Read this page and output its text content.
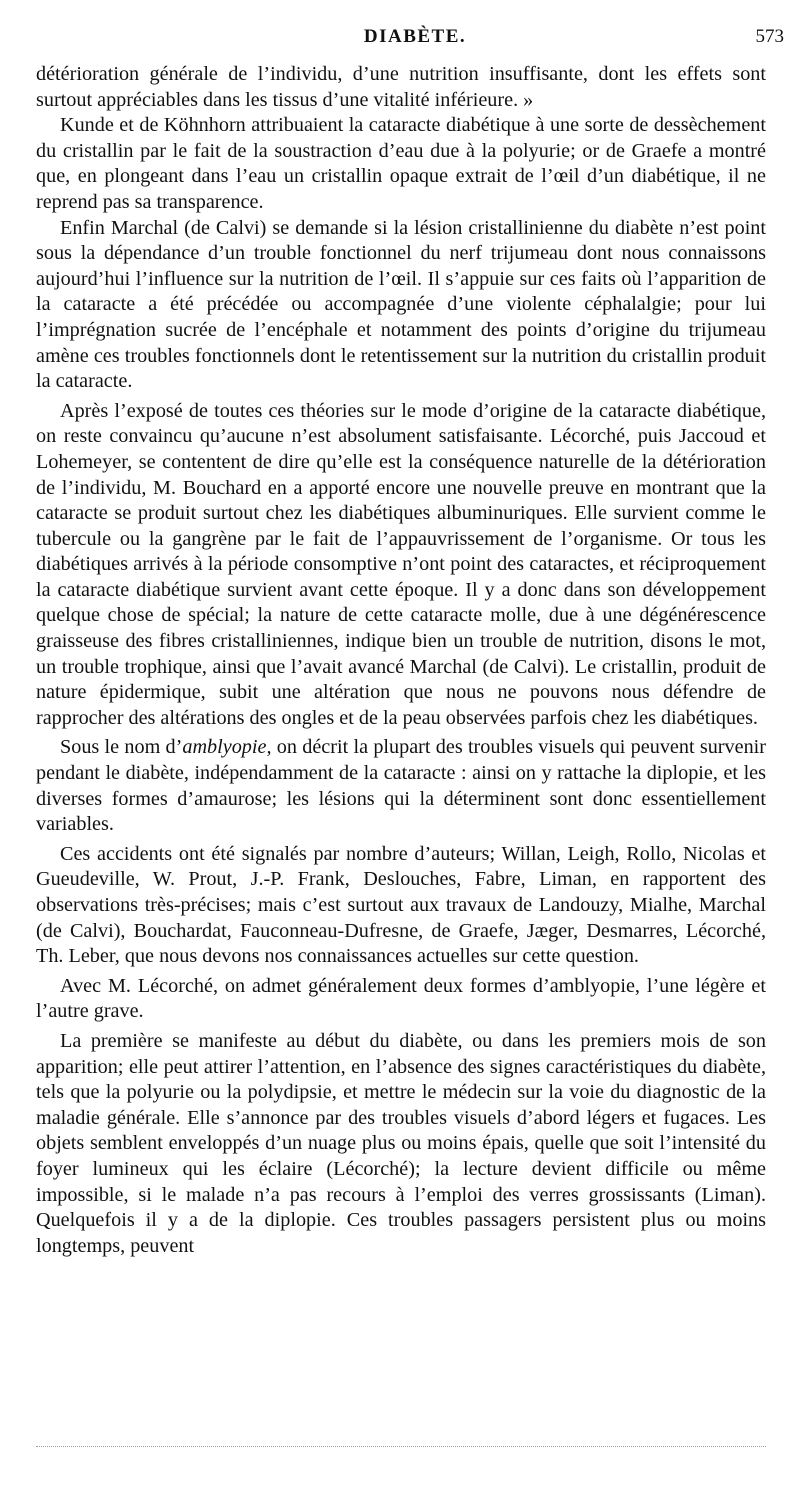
DIABÈTE.	573

détérioration générale de l’individu, d’une nutrition insuffisante, dont les effets sont surtout appréciables dans les tissus d’une vitalité inférieure. »

Kunde et de Köhnhorn attribuaient la cataracte diabétique à une sorte de dessèchement du cristallin par le fait de la soustraction d’eau due à la polyurie; or de Graefe a montré que, en plongeant dans l’eau un cristallin opaque extrait de l’œil d’un diabétique, il ne reprend pas sa transparence.

Enfin Marchal (de Calvi) se demande si la lésion cristallinienne du diabète n’est point sous la dépendance d’un trouble fonctionnel du nerf trijumeau dont nous connaissons aujourd’hui l’influence sur la nutrition de l’œil. Il s’appuie sur ces faits où l’apparition de la cataracte a été précédée ou accompagnée d’une violente céphalalgie; pour lui l’imprégnation sucrée de l’encéphale et notamment des points d’origine du trijumeau amène ces troubles fonctionnels dont le retentissement sur la nutrition du cristallin produit la cataracte.

Après l’exposé de toutes ces théories sur le mode d’origine de la cataracte diabétique, on reste convaincu qu’aucune n’est absolument satisfaisante. Lécorché, puis Jaccoud et Lohemeyer, se contentent de dire qu’elle est la conséquence naturelle de la détérioration de l’individu, M. Bouchard en a apporté encore une nouvelle preuve en montrant que la cataracte se produit surtout chez les diabétiques albuminuriques. Elle survient comme le tubercule ou la gangrène par le fait de l’appauvrissement de l’organisme. Or tous les diabétiques arrivés à la période consomptive n’ont point des cataractes, et réciproquement la cataracte diabétique survient avant cette époque. Il y a donc dans son développement quelque chose de spécial; la nature de cette cataracte molle, due à une dégénérescence graisseuse des fibres cristalliniennes, indique bien un trouble de nutrition, disons le mot, un trouble trophique, ainsi que l’avait avancé Marchal (de Calvi). Le cristallin, produit de nature épidermique, subit une altération que nous ne pouvons nous défendre de rapprocher des altérations des ongles et de la peau observées parfois chez les diabétiques.

Sous le nom d’amblyopie, on décrit la plupart des troubles visuels qui peuvent survenir pendant le diabète, indépendamment de la cataracte : ainsi on y rattache la diplopie, et les diverses formes d’amaurose; les lésions qui la déterminent sont donc essentiellement variables.

Ces accidents ont été signalés par nombre d’auteurs; Willan, Leigh, Rollo, Nicolas et Gueudeville, W. Prout, J.-P. Frank, Deslouches, Fabre, Liman, en rapportent des observations très-précises; mais c’est surtout aux travaux de Landouzy, Mialhe, Marchal (de Calvi), Bouchardat, Fauconneau-Dufresne, de Graefe, Jæger, Desmarres, Lécorché, Th. Leber, que nous devons nos connaissances actuelles sur cette question.

Avec M. Lécorché, on admet généralement deux formes d’amblyopie, l’une légère et l’autre grave.

La première se manifeste au début du diabète, ou dans les premiers mois de son apparition; elle peut attirer l’attention, en l’absence des signes caractéristiques du diabète, tels que la polyurie ou la polydipsie, et mettre le médecin sur la voie du diagnostic de la maladie générale. Elle s’annonce par des troubles visuels d’abord légers et fugaces. Les objets semblent enveloppés d’un nuage plus ou moins épais, quelle que soit l’intensité du foyer lumineux qui les éclaire (Lécorché); la lecture devient difficile ou même impossible, si le malade n’a pas recours à l’emploi des verres grossissants (Liman). Quelquefois il y a de la diplopie. Ces troubles passagers persistent plus ou moins longtemps, peuvent
